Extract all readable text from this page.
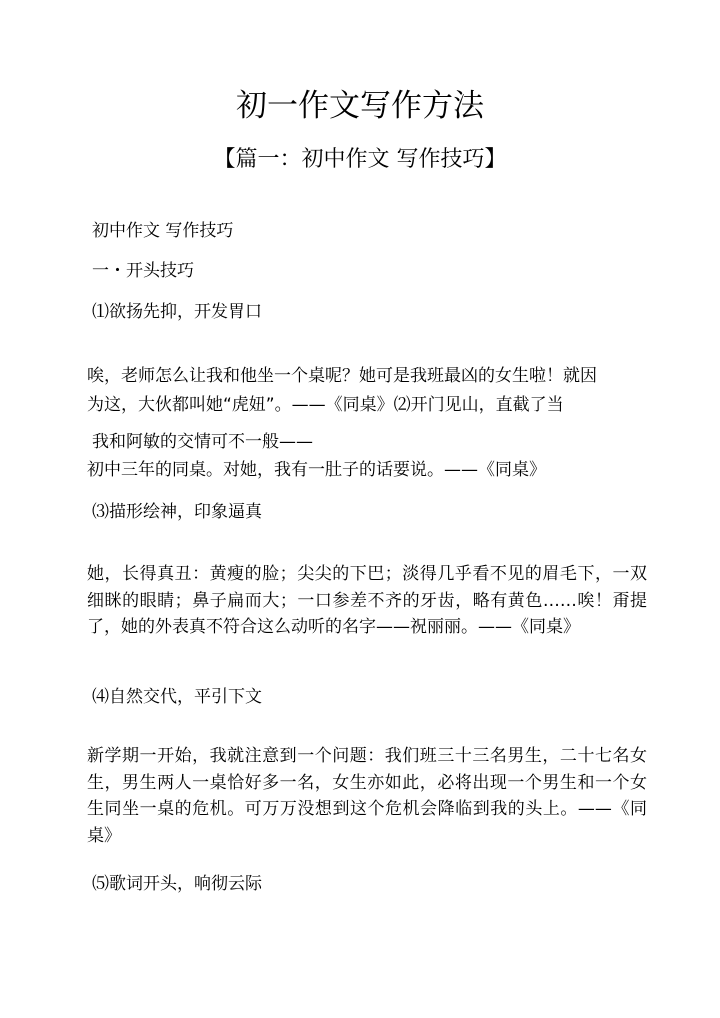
初一作文写作方法
【篇一：初中作文 写作技巧】
初中作文 写作技巧
一・开头技巧
⑴欲扬先抑，开发胃口
唉，老师怎么让我和他坐一个桌呢？她可是我班最凶的女生啦！就因
为这，大伙都叫她“虎妞”。——《同桌》⑵开门见山，直截了当
我和阿敏的交情可不一般——
初中三年的同桌。对她，我有一肚子的话要说。——《同桌》
⑶描形绘神，印象逼真
她，长得真丑：黄瘦的脸；尖尖的下巴；淡得几乎看不见的眉毛下，一双细眯的眼睛；鼻子扁而大；一口参差不齐的牙齿，略有黄色……唉！甭提了，她的外表真不符合这么动听的名字——祝丽丽。——《同桌》
⑷自然交代，平引下文
新学期一开始，我就注意到一个问题：我们班三十三名男生，二十七名女生，男生两人一桌恰好多一名，女生亦如此，必将出现一个男生和一个女生同坐一桌的危机。可万万没想到这个危机会降临到我的头上。——《同桌》
⑸歌词开头，响彻云际
